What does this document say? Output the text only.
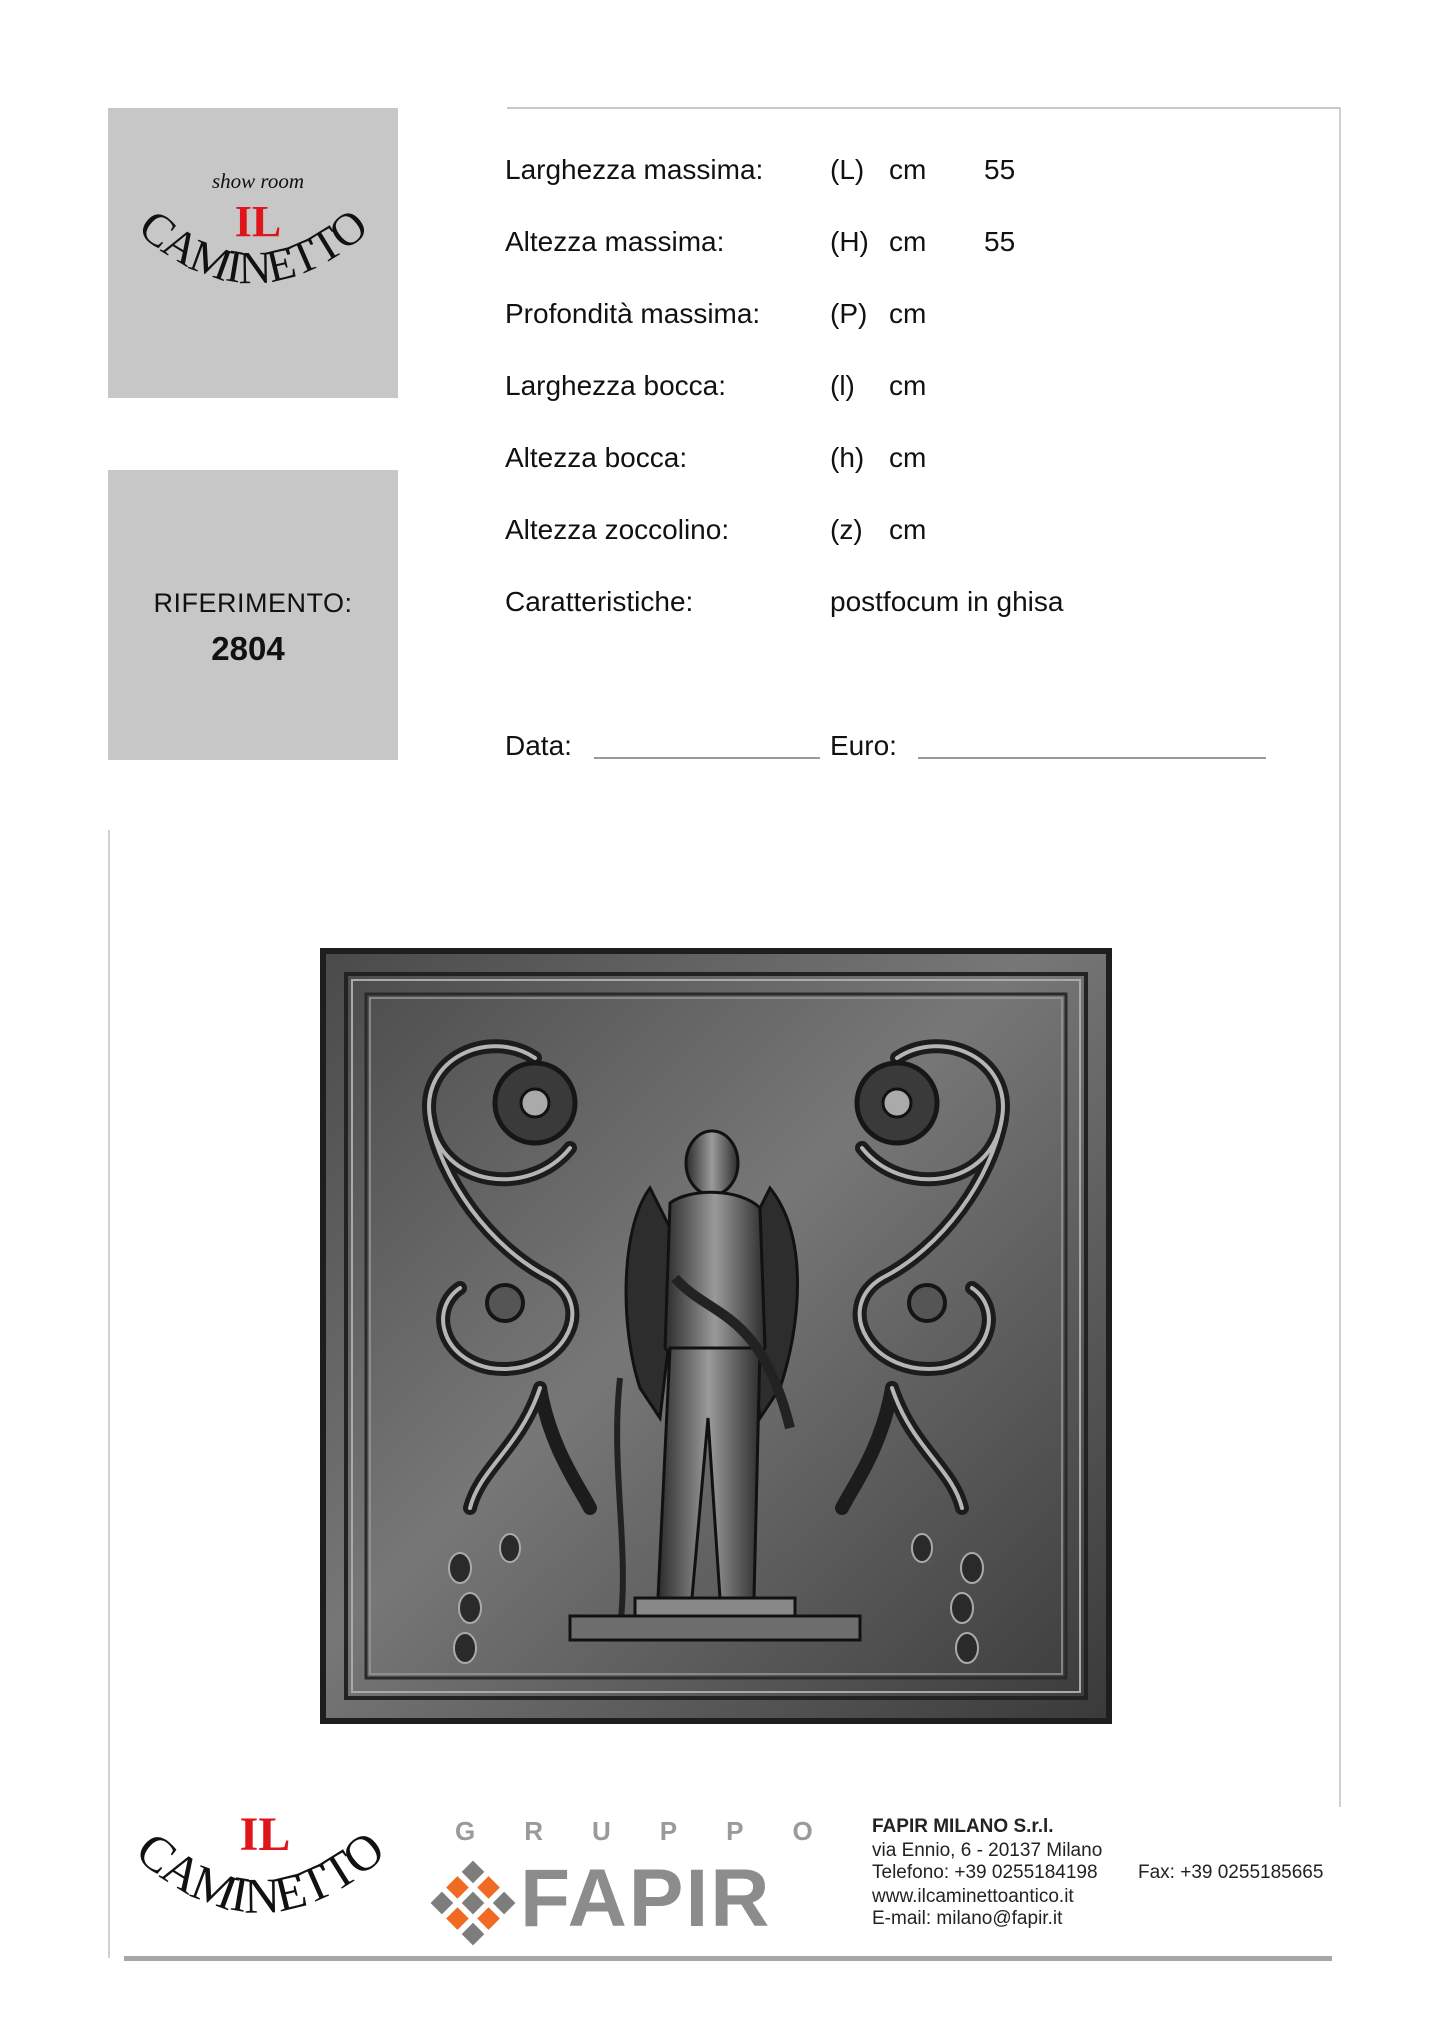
show room
IL
CAMINETTO
RIFERIMENTO:
2804
Larghezza massima: (L) cm 55
Altezza massima:	(H) cm 55
Profondità massima: (P) cm
Larghezza bocca:	(l) cm
Altezza bocca:	(h) cm
Altezza zoccolino:	(z) cm
Caratteristiche:	postfocum in ghisa
Data:	Euro:
IL
CAMINETTO GRUPPO
FAPIR
FAPIR MILANO S.r.l.
via Ennio, 6 - 20137 Milano
Telefono: +39 0255184198 Fax: +39 0255185665
www.ilcaminettoantico.it
E-mail: milano@fapir.it
